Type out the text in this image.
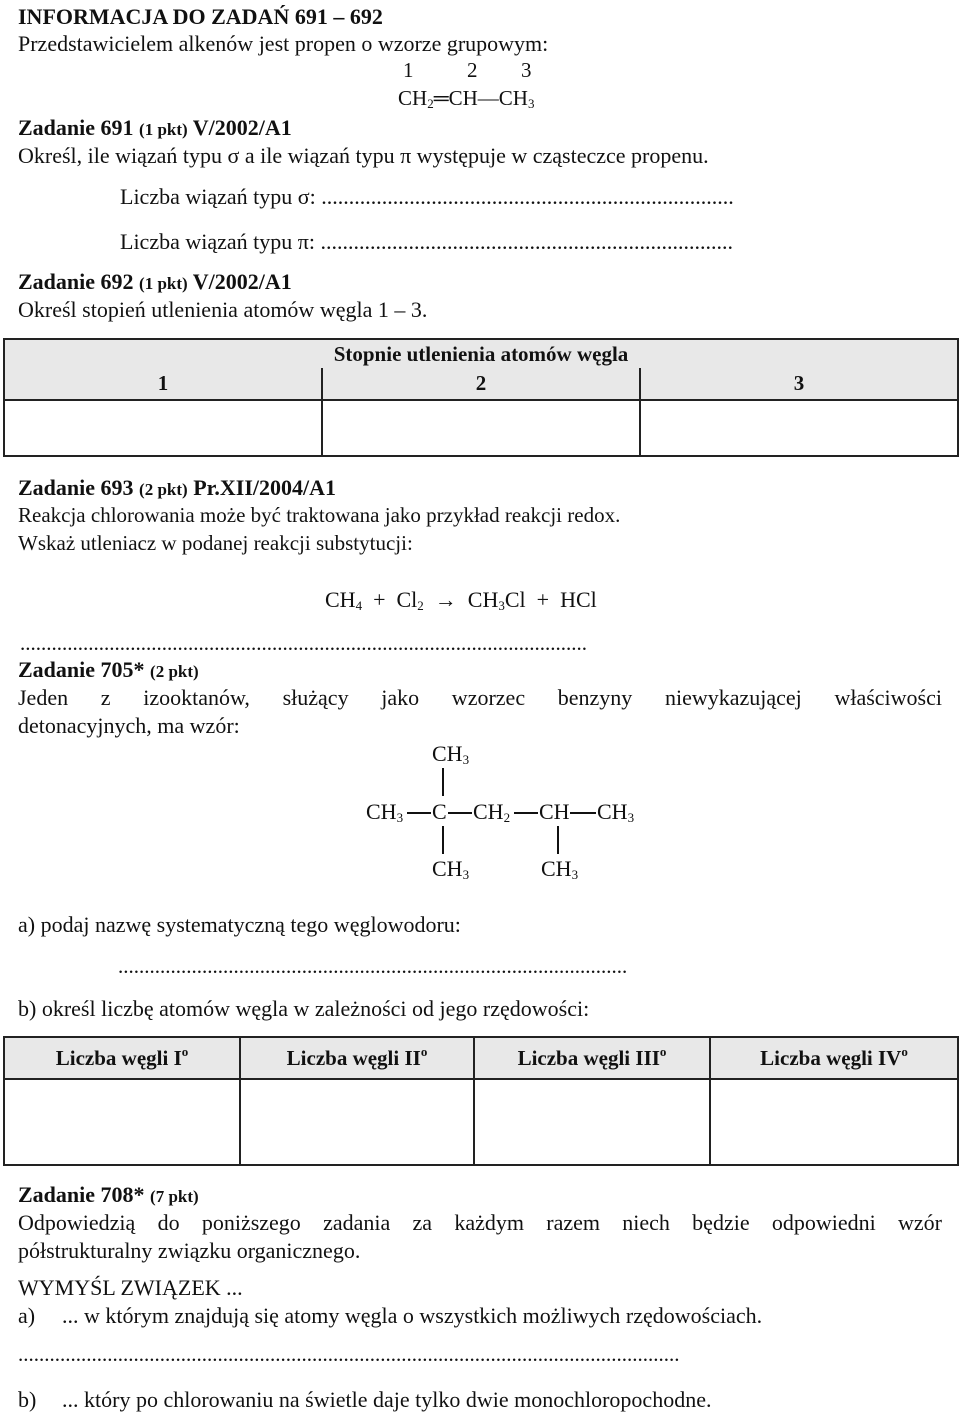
INFORMACJA DO ZADAŃ 691 – 692
Przedstawicielem alkenów jest propen o wzorze grupowym:
1	2 3
$CH_2═CH—CH_3$
Zadanie 691 (1 pkt) V/2002/A1
Określ, ile wiązań typu σ a ile wiązań typu π występuje w cząsteczce propenu.
Liczba wiązań typu σ: ...........................................................................
Liczba wiązań typu π: ...........................................................................
Zadanie 692 (1 pkt) V/2002/A1
Określ stopień utlenienia atomów węgla 1 – 3.
Stopnie utlenienia atomów węgla		
1	2	3

Zadanie 693 (2 pkt) Pr.XII/2004/A1
Reakcja chlorowania może być traktowana jako przykład reakcji redox.
Wskaż utleniacz w podanej reakcji substytucji:
$CH_4 + Cl_2 \to CH_3Cl$ + HCl
............................................................................................................
Zadanie 705* (2 pkt)
Jeden z izooktanów, służący jako wzorzec benzyny niewykazującej właściwości
detonacyjnych, ma wzór:
$CH_3$
$CH_3$ C $CH_2$ CH $CH_3$
$CH_3$	$CH_3$
a) podaj nazwę systematyczną tego węglowodoru:
.................................................................................................
b) określ liczbę atomów węgla w zależności od jego rzędowości:
Liczba węgli $I^o$	Liczba węgli $II^o$	Liczba węgli III$^o$	Liczba węgli $IV^o$

Zadanie 708* (7 pkt)
Odpowiedzią do poniższego zadania za każdym razem niech będzie odpowiedni wzór
półstrukturalny związku organicznego.
WYMYŚL ZWIĄZEK ...
a) ... w którym znajdują się atomy węgla o wszystkich możliwych rzędowościach.
..............................................................................................................................
b) ... który po chlorowaniu na świetle daje tylko dwie monochloropochodne.
